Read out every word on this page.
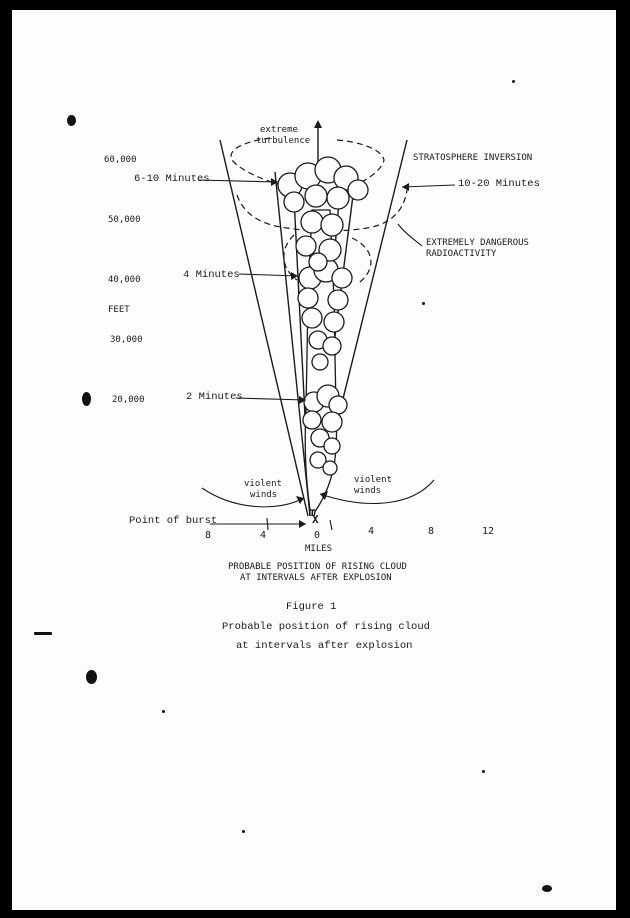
60,000
50,000
40,000
FEET
30,000
20,000
extreme
turbulence
STRATOSPHERE INVERSION
6-10 Minutes	10-20 Minutes
EXTREMELY DANGEROUS
RADIOACTIVITY
4 Minutes
2 Minutes
violent
winds
violent
winds
Point of burst	X
8	4	0	4	8	12
MILES
PROBABLE POSITION OF RISING CLOUD
AT INTERVALS AFTER EXPLOSION
Figure 1
Probable position of rising cloud
at intervals after explosion
